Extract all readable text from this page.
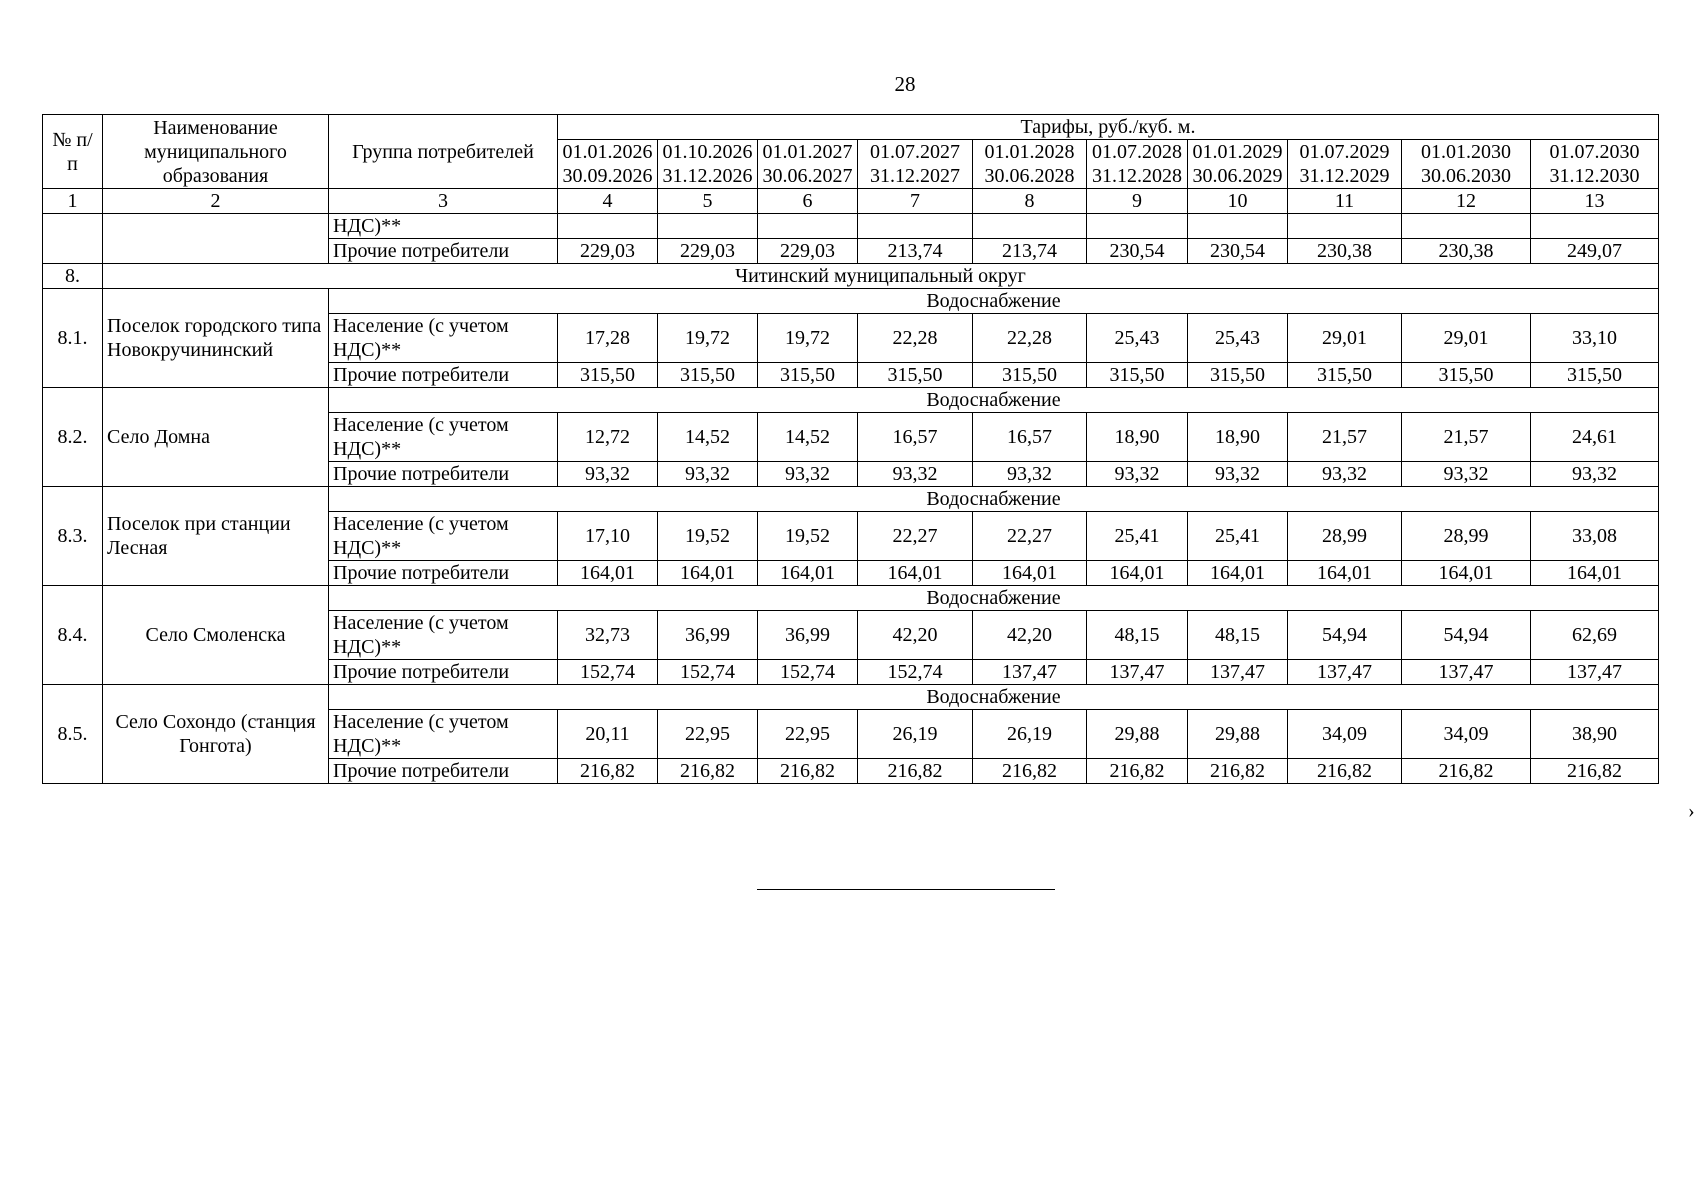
28
№ п/п	Наименование муниципального образования	Группа потребителей	Тарифы, руб./куб. м.									
			01.01.2026	01.10.2026	01.01.2027	01.07.2027	01.01.2028	01.07.2028	01.01.2029	01.07.2029	01.01.2030	01.07.2030
			30.09.2026	31.12.2026	30.06.2027	31.12.2027	30.06.2028	31.12.2028	30.06.2029	31.12.2029	30.06.2030	31.12.2030
1	2	3	4	5	6	7	8	9	10	11	12	13
		НДС)**										
		Прочие потребители	229,03	229,03	229,03	213,74	213,74	230,54	230,54	230,38	230,38	249,07
8.	Читинский муниципальный округ											
8.1.	Поселок городского типа Новокручининский	Водоснабжение										
		Население (с учетом НДС)**	17,28	19,72	19,72	22,28	22,28	25,43	25,43	29,01	29,01	33,10
		Прочие потребители	315,50	315,50	315,50	315,50	315,50	315,50	315,50	315,50	315,50	315,50
8.2.	Село Домна	Водоснабжение										
		Население (с учетом НДС)**	12,72	14,52	14,52	16,57	16,57	18,90	18,90	21,57	21,57	24,61
		Прочие потребители	93,32	93,32	93,32	93,32	93,32	93,32	93,32	93,32	93,32	93,32
8.3.	Поселок при станции Лесная	Водоснабжение										
		Население (с учетом НДС)**	17,10	19,52	19,52	22,27	22,27	25,41	25,41	28,99	28,99	33,08
		Прочие потребители	164,01	164,01	164,01	164,01	164,01	164,01	164,01	164,01	164,01	164,01
8.4.	Село Смоленска	Водоснабжение										
		Население (с учетом НДС)**	32,73	36,99	36,99	42,20	42,20	48,15	48,15	54,94	54,94	62,69
		Прочие потребители	152,74	152,74	152,74	152,74	137,47	137,47	137,47	137,47	137,47	137,47
8.5.	Село Сохондо (станция Гонгота)	Водоснабжение										
		Население (с учетом НДС)**	20,11	22,95	22,95	26,19	26,19	29,88	29,88	34,09	34,09	38,90
		Прочие потребители	216,82	216,82	216,82	216,82	216,82	216,82	216,82	216,82	216,82	216,82
›
